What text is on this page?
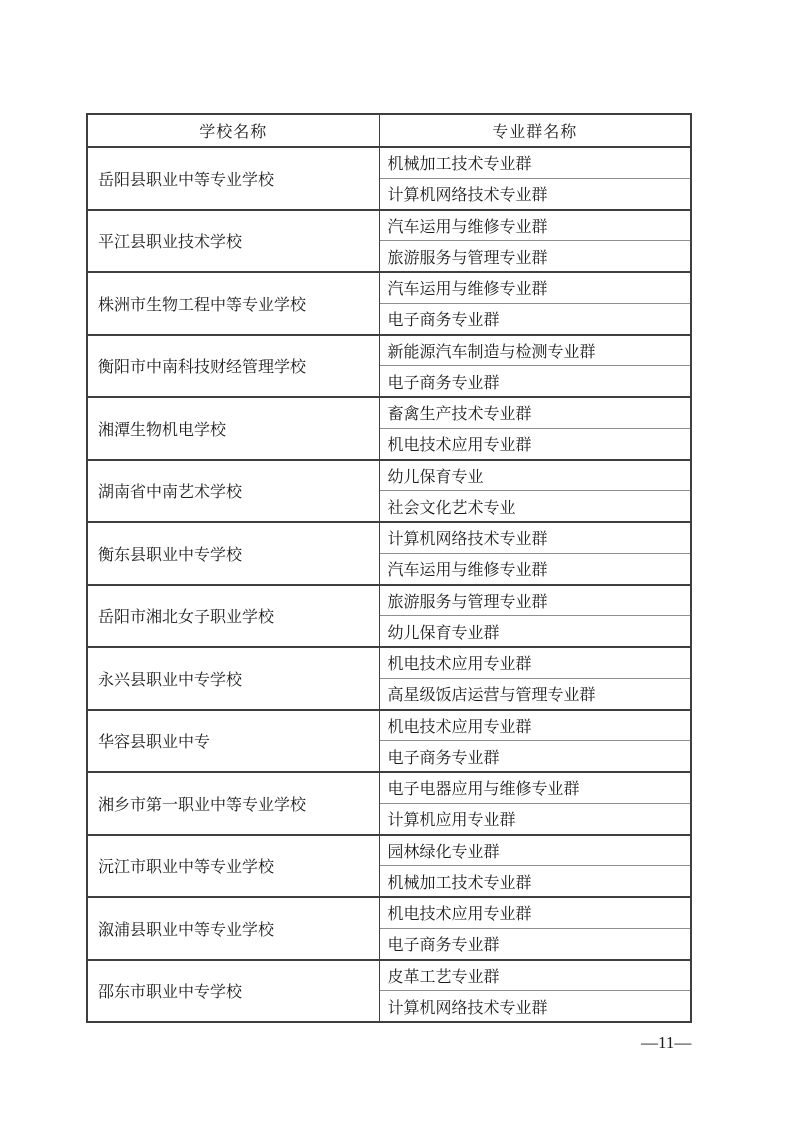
学校名称	专业群名称
岳阳县职业中等专业学校	机械加工技术专业群
	计算机网络技术专业群
平江县职业技术学校	汽车运用与维修专业群
	旅游服务与管理专业群
株洲市生物工程中等专业学校	汽车运用与维修专业群
	电子商务专业群
衡阳市中南科技财经管理学校	新能源汽车制造与检测专业群
	电子商务专业群
湘潭生物机电学校	畜禽生产技术专业群
	机电技术应用专业群
湖南省中南艺术学校	幼儿保育专业
	社会文化艺术专业
衡东县职业中专学校	计算机网络技术专业群
	汽车运用与维修专业群
岳阳市湘北女子职业学校	旅游服务与管理专业群
	幼儿保育专业群
永兴县职业中专学校	机电技术应用专业群
	高星级饭店运营与管理专业群
华容县职业中专	机电技术应用专业群
	电子商务专业群
湘乡市第一职业中等专业学校	电子电器应用与维修专业群
	计算机应用专业群
沅江市职业中等专业学校	园林绿化专业群
	机械加工技术专业群
溆浦县职业中等专业学校	机电技术应用专业群
	电子商务专业群
邵东市职业中专学校	皮革工艺专业群
	计算机网络技术专业群
—11—
